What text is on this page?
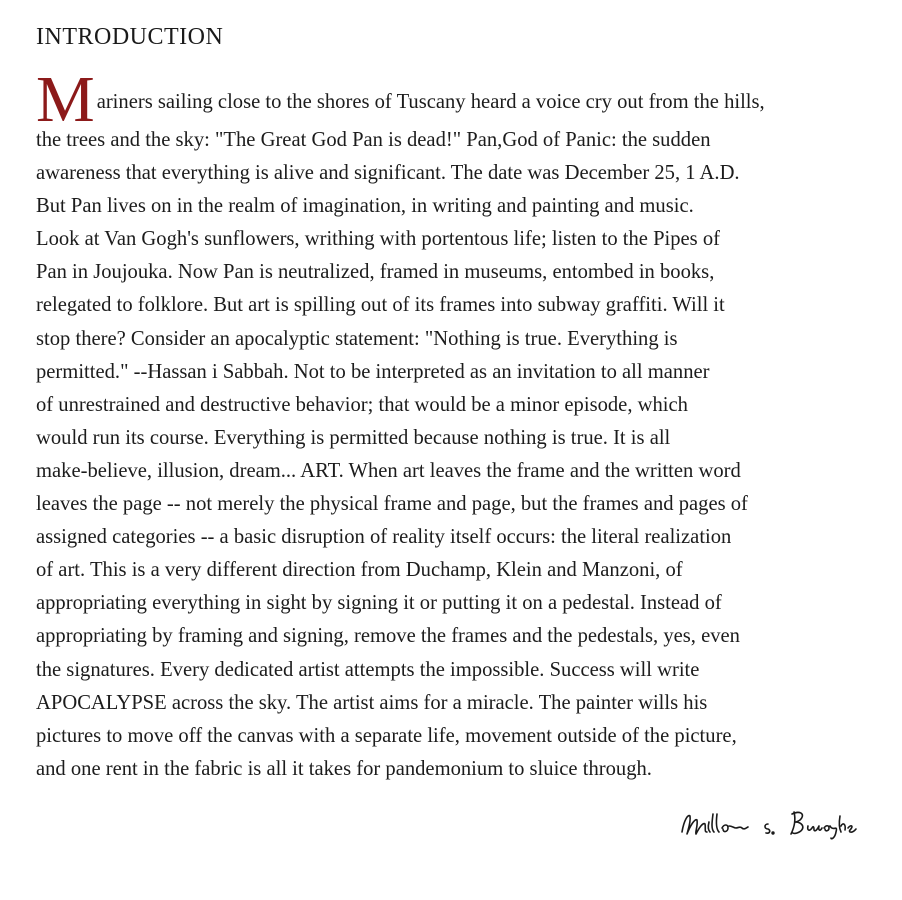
INTRODUCTION
M ariners sailing close to the shores of Tuscany heard a voice cry out from the hills,
the trees and the sky: "The Great God Pan is dead!" Pan,God of Panic: the sudden
awareness that everything is alive and significant. The date was December 25, 1 A.D.
But Pan lives on in the realm of imagination, in writing and painting and music.
Look at Van Gogh's sunflowers, writhing with portentous life; listen to the Pipes of
Pan in Joujouka. Now Pan is neutralized, framed in museums, entombed in books,
relegated to folklore. But art is spilling out of its frames into subway graffiti. Will it
stop there? Consider an apocalyptic statement: "Nothing is true. Everything is
permitted." --Hassan i Sabbah. Not to be interpreted as an invitation to all manner
of unrestrained and destructive behavior; that would be a minor episode, which
would run its course. Everything is permitted because nothing is true. It is all
make-believe, illusion, dream... ART. When art leaves the frame and the written word
leaves the page -- not merely the physical frame and page, but the frames and pages of
assigned categories -- a basic disruption of reality itself occurs: the literal realization
of art. This is a very different direction from Duchamp, Klein and Manzoni, of
appropriating everything in sight by signing it or putting it on a pedestal. Instead of
appropriating by framing and signing, remove the frames and the pedestals, yes, even
the signatures. Every dedicated artist attempts the impossible. Success will write
APOCALYPSE across the sky. The artist aims for a miracle. The painter wills his
pictures to move off the canvas with a separate life, movement outside of the picture,
and one rent in the fabric is all it takes for pandemonium to sluice through.
